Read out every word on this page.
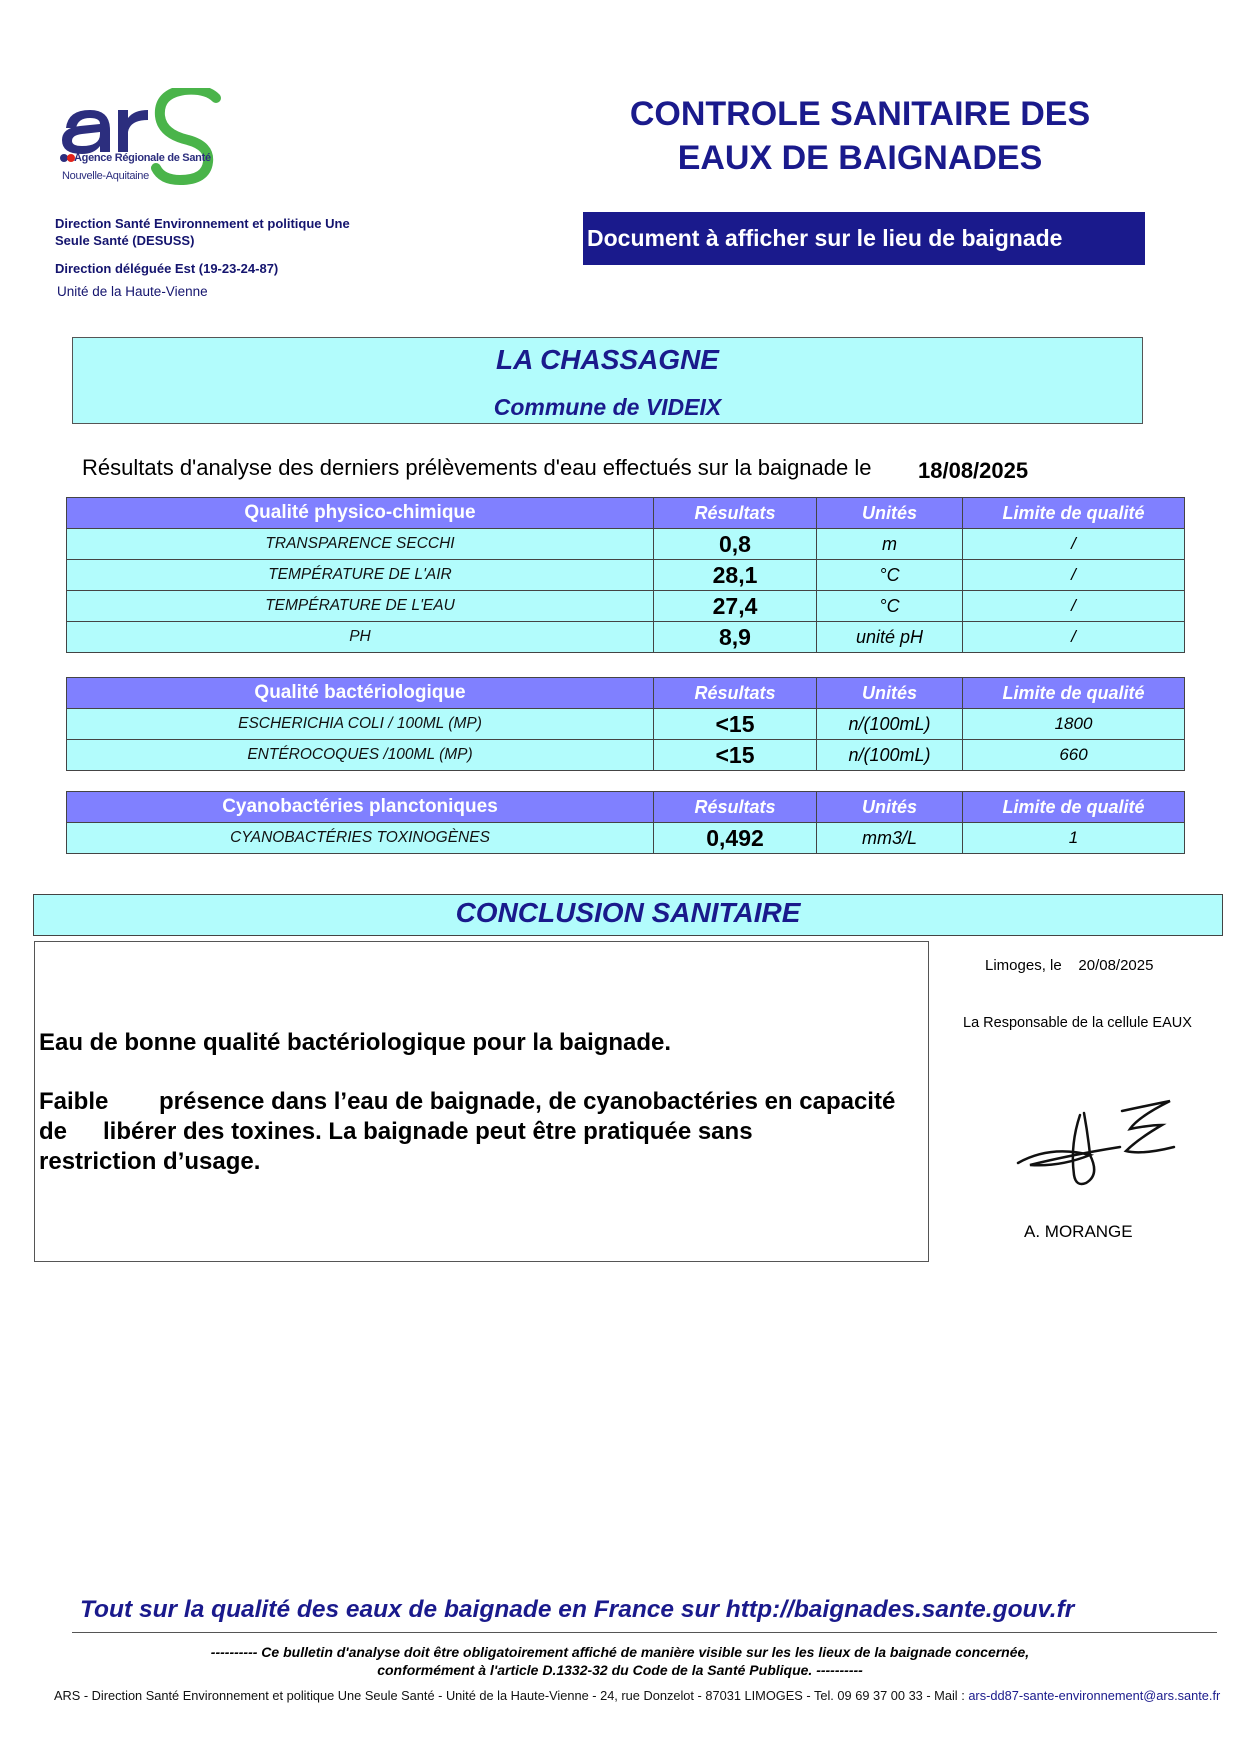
Agence Régionale de Santé
Nouvelle-Aquitaine
Direction Santé Environnement et politique Une Seule Santé (DESUSS)
Direction déléguée Est (19-23-24-87)
Unité de la Haute-Vienne
CONTROLE SANITAIRE DES
EAUX DE BAIGNADES
Document à afficher sur le lieu de baignade
LA CHASSAGNE
Commune de VIDEIX
Résultats d'analyse des derniers prélèvements d'eau effectués sur la baignade le 18/08/2025
Qualité physico-chimique	Résultats	Unités	Limite de qualité
TRANSPARENCE SECCHI	0,8	m	/
TEMPÉRATURE DE L'AIR	28,1	°C	/
TEMPÉRATURE DE L'EAU	27,4	°C	/
PH	8,9	unité pH	/
Qualité bactériologique	Résultats	Unités	Limite de qualité
ESCHERICHIA COLI / 100ML (MP)	<15	n/(100mL)	1800
ENTÉROCOQUES /100ML (MP)	<15	n/(100mL)	660
Cyanobactéries planctoniques	Résultats	Unités	Limite de qualité
CYANOBACTÉRIES TOXINOGÈNES	0,492	mm3/L	1
CONCLUSION SANITAIRE
Eau de bonne qualité bactériologique pour la baignade.
Faible	présence dans l’eau de baignade, de cyanobactéries en capacité
de	libérer des toxines. La baignade peut être pratiquée sans
restriction d’usage.
Limoges, le 20/08/2025
La Responsable de la cellule EAUX
A. MORANGE
Tout sur la qualité des eaux de baignade en France sur http://baignades.sante.gouv.fr
---------- Ce bulletin d'analyse doit être obligatoirement affiché de manière visible sur les les lieux de la baignade concernée,
conformément à l'article D.1332-32 du Code de la Santé Publique. ----------
ARS - Direction Santé Environnement et politique Une Seule Santé - Unité de la Haute-Vienne - 24, rue Donzelot - 87031 LIMOGES - Tel. 09 69 37 00 33 - Mail : ars-dd87-sante-environnement@ars.sante.fr
